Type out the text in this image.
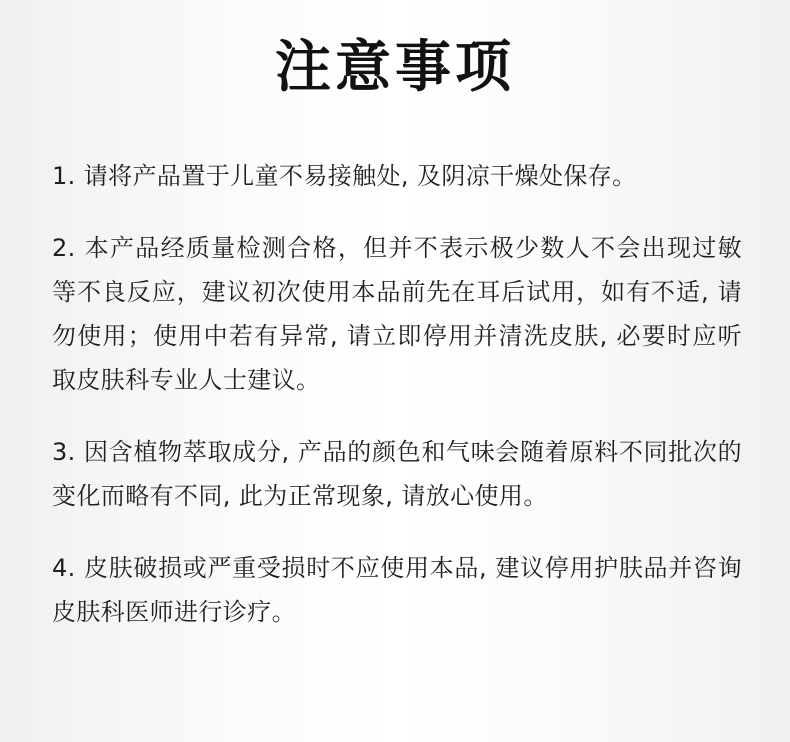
注意事项

1. 请将产品置于儿童不易接触处, 及阴凉干燥处保存。

2. 本产品经质量检测合格，但并不表示极少数人不会出现过敏等不良反应，建议初次使用本品前先在耳后试用，如有不适, 请勿使用；使用中若有异常, 请立即停用并清洗皮肤, 必要时应听取皮肤科专业人士建议。

3. 因含植物萃取成分, 产品的颜色和气味会随着原料不同批次的变化而略有不同, 此为正常现象, 请放心使用。

4. 皮肤破损或严重受损时不应使用本品, 建议停用护肤品并咨询皮肤科医师进行诊疗。
